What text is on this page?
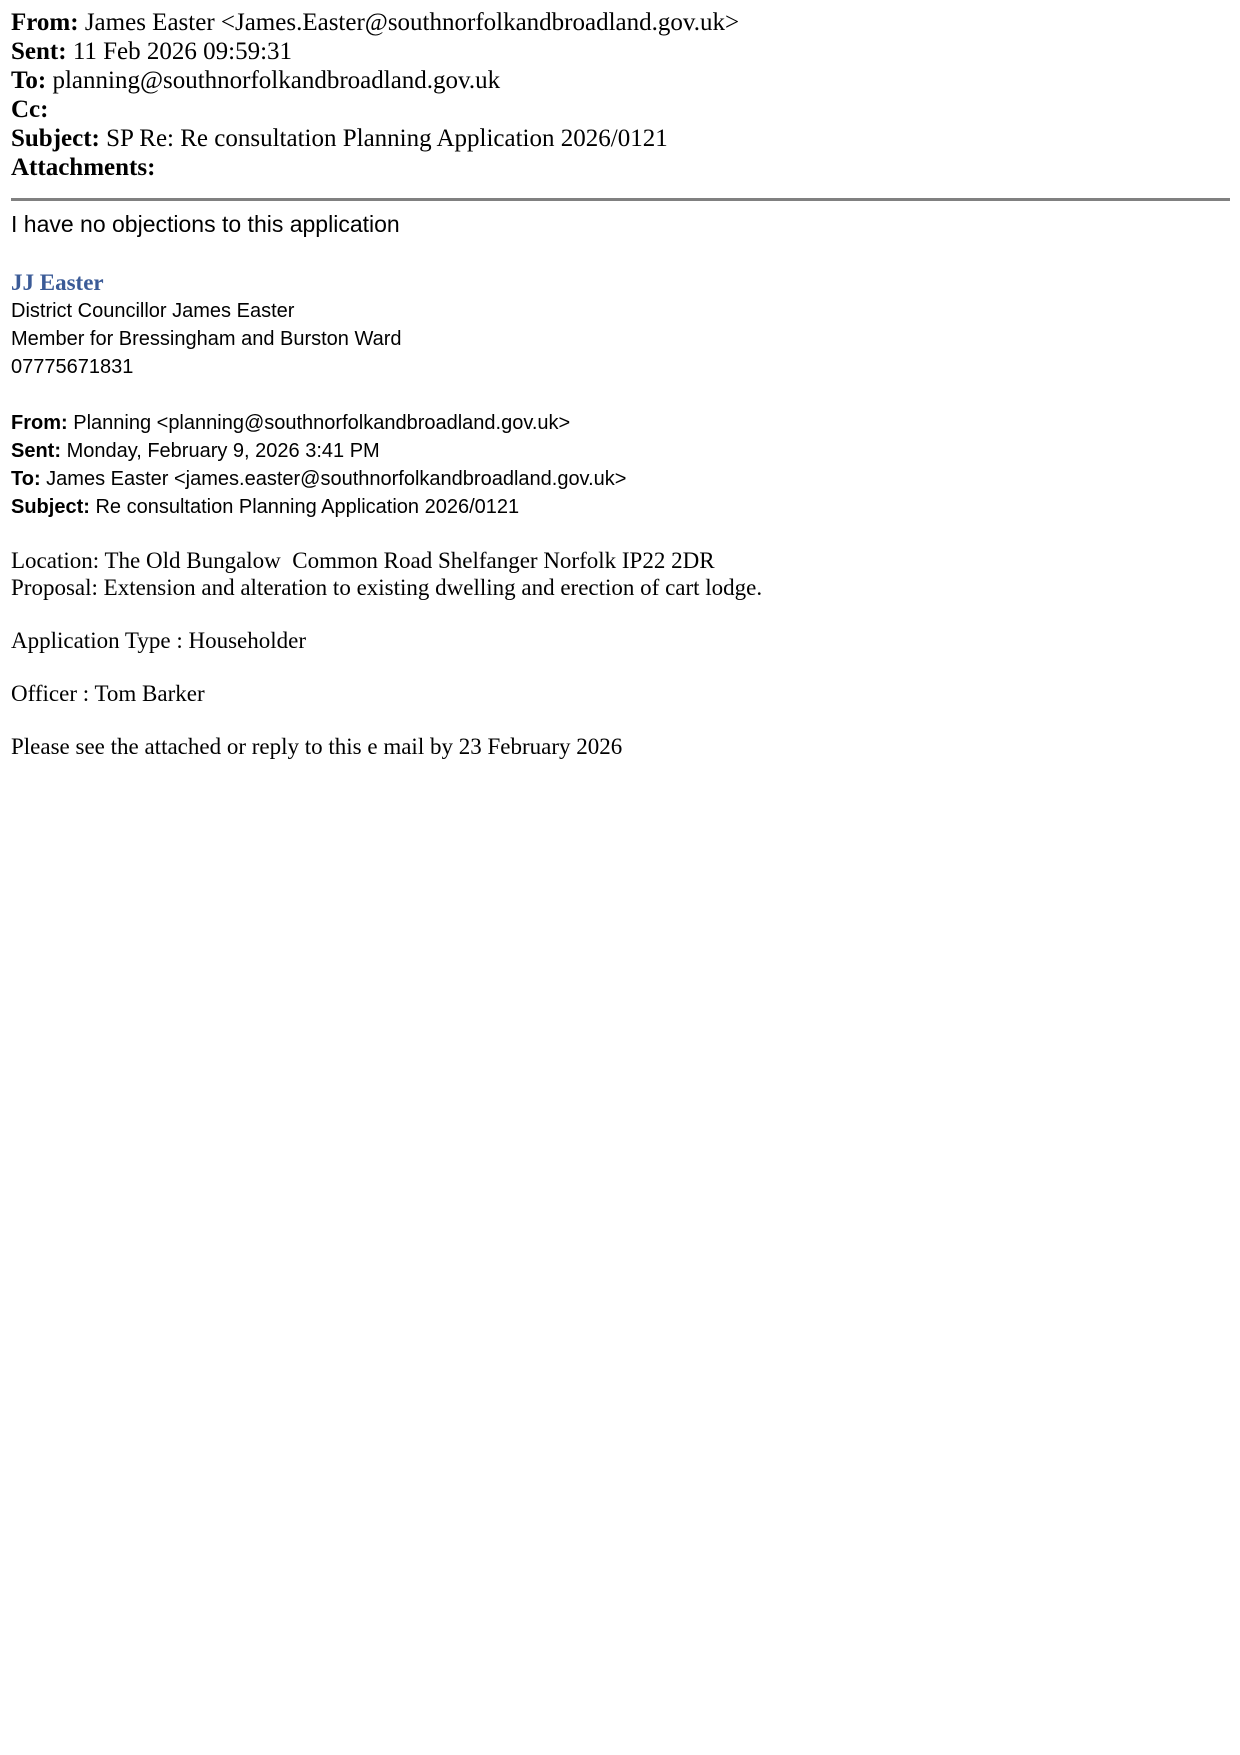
From: James Easter <James.Easter@southnorfolkandbroadland.gov.uk>
Sent: 11 Feb 2026 09:59:31
To: planning@southnorfolkandbroadland.gov.uk
Cc:
Subject: SP Re: Re consultation Planning Application 2026/0121
Attachments:
I have no objections to this application
JJ Easter
District Councillor James Easter
Member for Bressingham and Burston Ward
07775671831
From: Planning <planning@southnorfolkandbroadland.gov.uk>
Sent: Monday, February 9, 2026 3:41 PM
To: James Easter <james.easter@southnorfolkandbroadland.gov.uk>
Subject: Re consultation Planning Application 2026/0121
Location: The Old Bungalow  Common Road Shelfanger Norfolk IP22 2DR
Proposal: Extension and alteration to existing dwelling and erection of cart lodge.
Application Type : Householder
Officer : Tom Barker
Please see the attached or reply to this e mail by 23 February 2026
